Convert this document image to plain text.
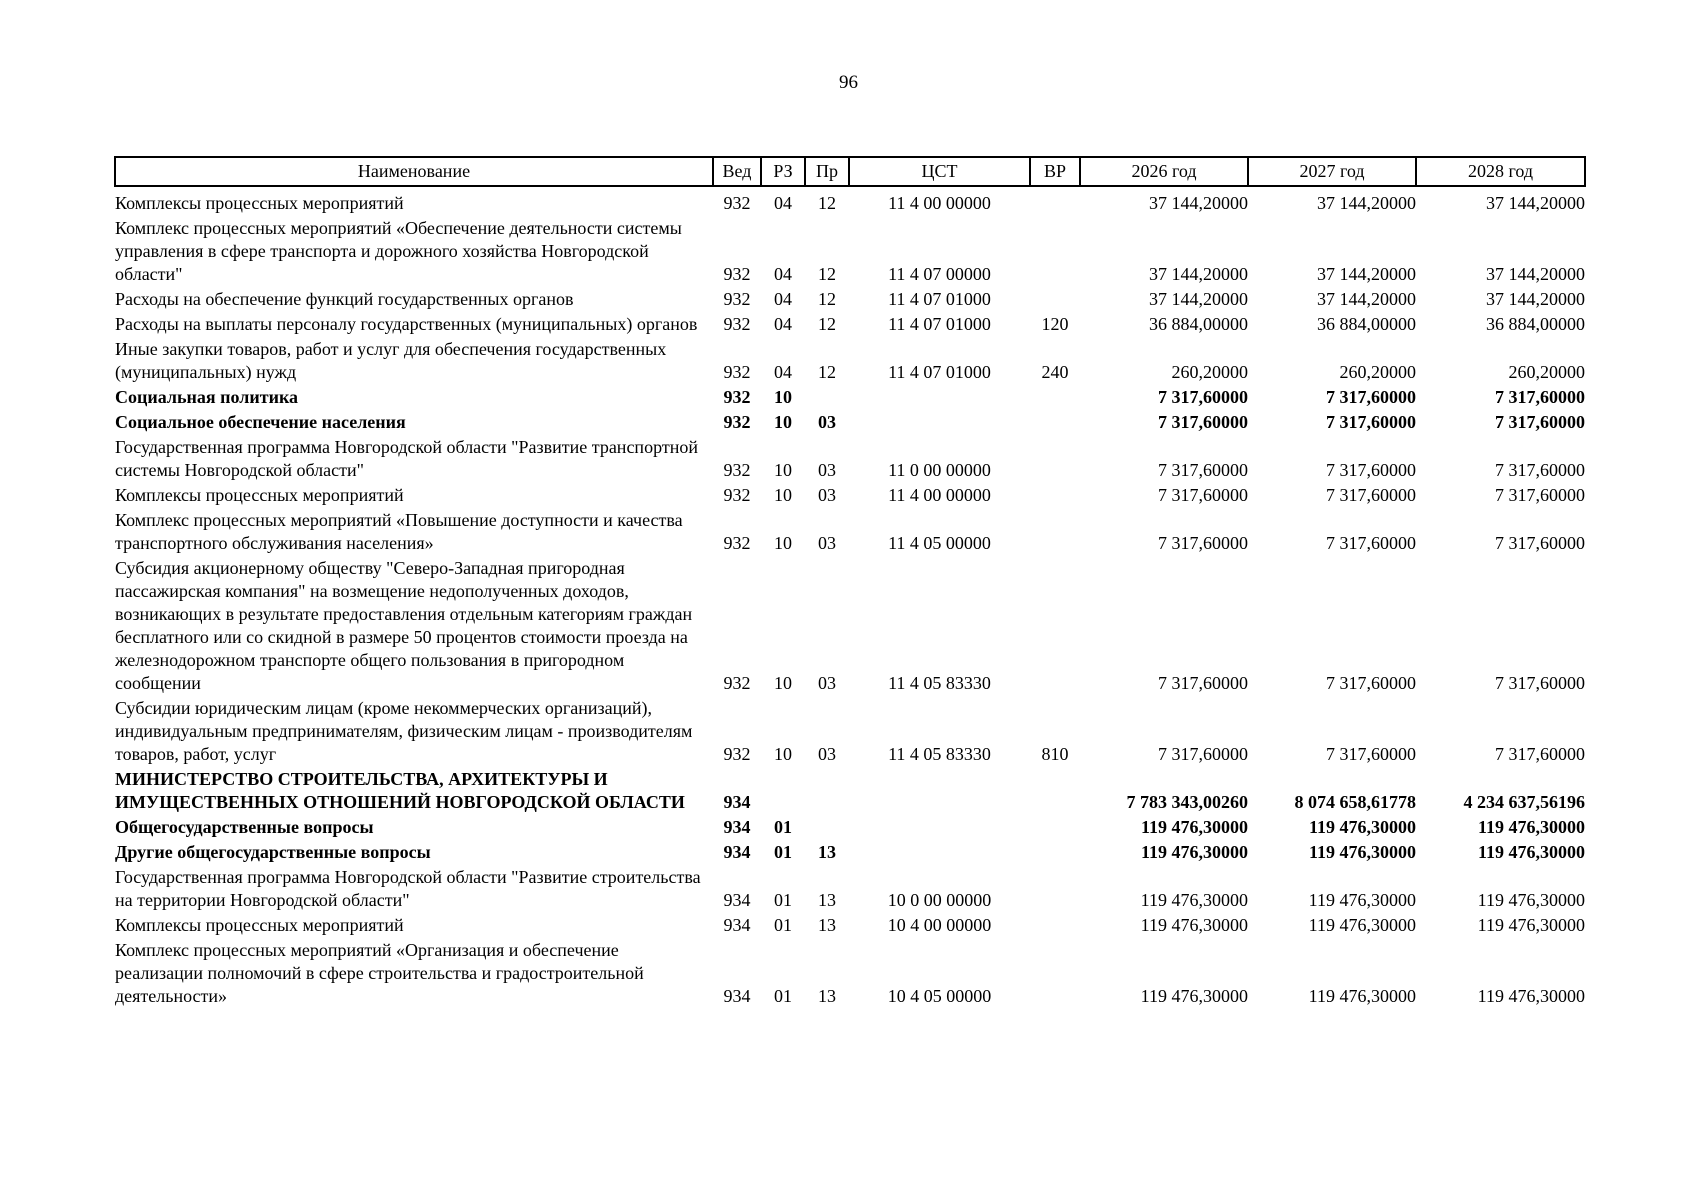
96
Наименование	Вед	РЗ	Пр	ЦСТ	ВР	2026 год	2027 год	2028 год
Комплексы процессных мероприятий	932	04	12	11 4 00 00000		37 144,20000	37 144,20000	37 144,20000
Комплекс процессных мероприятий «Обеспечение деятельности системы управления в сфере транспорта и дорожного хозяйства Новгородской области"	932	04	12	11 4 07 00000		37 144,20000	37 144,20000	37 144,20000
Расходы на обеспечение функций государственных органов	932	04	12	11 4 07 01000		37 144,20000	37 144,20000	37 144,20000
Расходы на выплаты персоналу государственных (муниципальных) органов	932	04	12	11 4 07 01000	120	36 884,00000	36 884,00000	36 884,00000
Иные закупки товаров, работ и услуг для обеспечения государственных (муниципальных) нужд	932	04	12	11 4 07 01000	240	260,20000	260,20000	260,20000
Социальная политика	932	10				7 317,60000	7 317,60000	7 317,60000
Социальное обеспечение населения	932	10	03			7 317,60000	7 317,60000	7 317,60000
Государственная программа Новгородской области "Развитие транспортной системы Новгородской области"	932	10	03	11 0 00 00000		7 317,60000	7 317,60000	7 317,60000
Комплексы процессных мероприятий	932	10	03	11 4 00 00000		7 317,60000	7 317,60000	7 317,60000
Комплекс процессных мероприятий «Повышение доступности и качества транспортного обслуживания населения»	932	10	03	11 4 05 00000		7 317,60000	7 317,60000	7 317,60000
Субсидия акционерному обществу "Северо-Западная пригородная пассажирская компания" на возмещение недополученных доходов, возникающих в результате предоставления отдельным категориям граждан бесплатного или со скидной в размере 50 процентов стоимости проезда на железнодорожном транспорте общего пользования в пригородном сообщении	932	10	03	11 4 05 83330		7 317,60000	7 317,60000	7 317,60000
Субсидии юридическим лицам (кроме некоммерческих организаций), индивидуальным предпринимателям, физическим лицам - производителям товаров, работ, услуг	932	10	03	11 4 05 83330	810	7 317,60000	7 317,60000	7 317,60000
МИНИСТЕРСТВО СТРОИТЕЛЬСТВА, АРХИТЕКТУРЫ И ИМУЩЕСТВЕННЫХ ОТНОШЕНИЙ НОВГОРОДСКОЙ ОБЛАСТИ	934					7 783 343,00260	8 074 658,61778	4 234 637,56196
Общегосударственные вопросы	934	01				119 476,30000	119 476,30000	119 476,30000
Другие общегосударственные вопросы	934	01	13			119 476,30000	119 476,30000	119 476,30000
Государственная программа Новгородской области "Развитие строительства на территории Новгородской области"	934	01	13	10 0 00 00000		119 476,30000	119 476,30000	119 476,30000
Комплексы процессных мероприятий	934	01	13	10 4 00 00000		119 476,30000	119 476,30000	119 476,30000
Комплекс процессных мероприятий «Организация и обеспечение реализации полномочий в сфере строительства и градостроительной деятельности»	934	01	13	10 4 05 00000		119 476,30000	119 476,30000	119 476,30000
